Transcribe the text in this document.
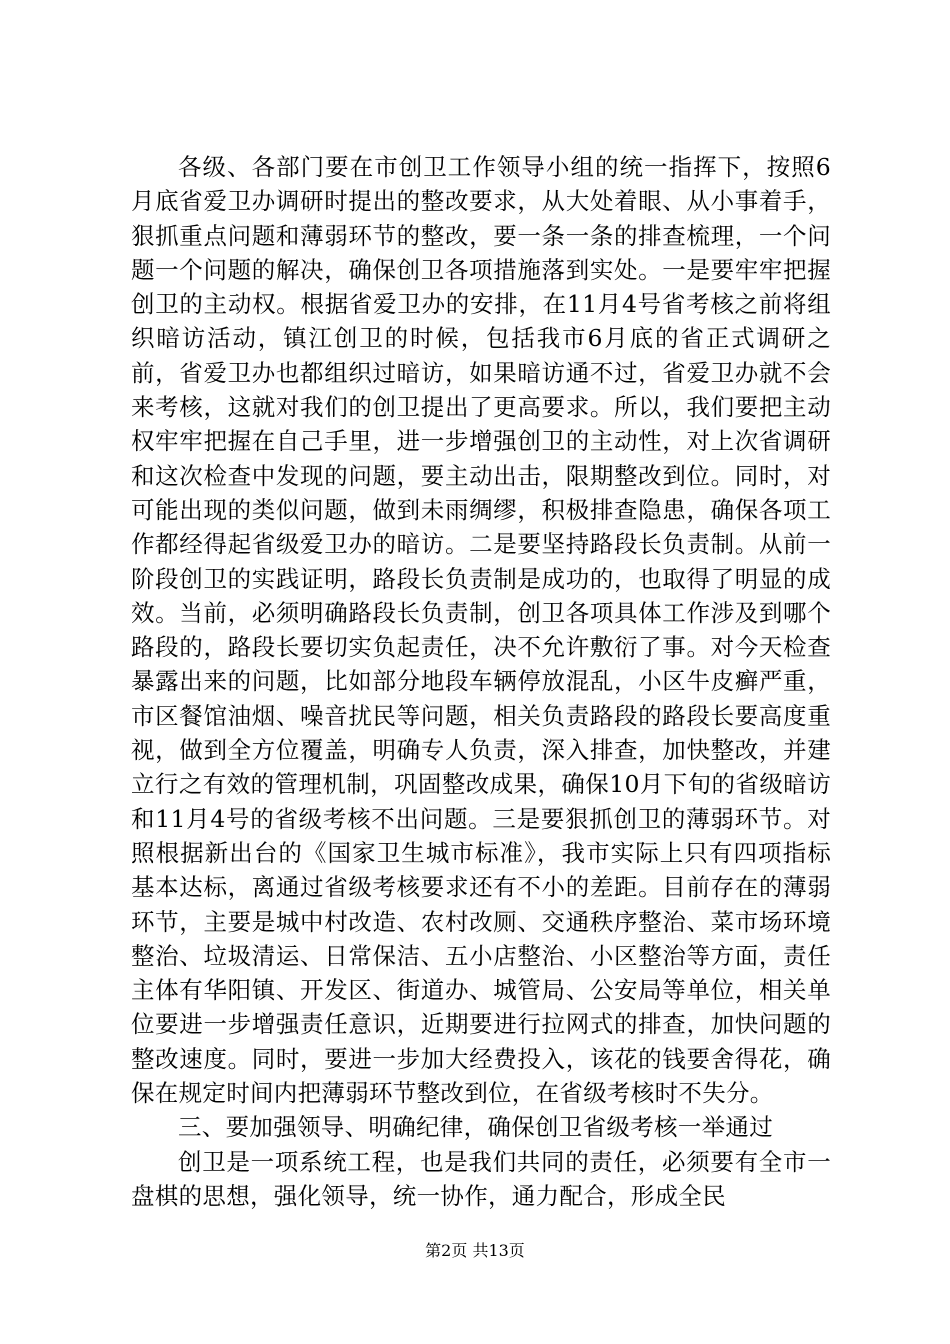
各级、各部门要在市创卫工作领导小组的统一指挥下，按照6月底省爱卫办调研时提出的整改要求，从大处着眼、从小事着手，狠抓重点问题和薄弱环节的整改，要一条一条的排查梳理，一个问题一个问题的解决，确保创卫各项措施落到实处。一是要牢牢把握创卫的主动权。根据省爱卫办的安排，在11月4号省考核之前将组织暗访活动，镇江创卫的时候，包括我市6月底的省正式调研之前，省爱卫办也都组织过暗访，如果暗访通不过，省爱卫办就不会来考核，这就对我们的创卫提出了更高要求。所以，我们要把主动权牢牢把握在自己手里，进一步增强创卫的主动性，对上次省调研和这次检查中发现的问题，要主动出击，限期整改到位。同时，对可能出现的类似问题，做到未雨绸缪，积极排查隐患，确保各项工作都经得起省级爱卫办的暗访。二是要坚持路段长负责制。从前一阶段创卫的实践证明，路段长负责制是成功的，也取得了明显的成效。当前，必须明确路段长负责制，创卫各项具体工作涉及到哪个路段的，路段长要切实负起责任，决不允许敷衍了事。对今天检查暴露出来的问题，比如部分地段车辆停放混乱，小区牛皮癣严重，市区餐馆油烟、噪音扰民等问题，相关负责路段的路段长要高度重视，做到全方位覆盖，明确专人负责，深入排查，加快整改，并建立行之有效的管理机制，巩固整改成果，确保10月下旬的省级暗访和11月4号的省级考核不出问题。三是要狠抓创卫的薄弱环节。对照根据新出台的《国家卫生城市标准》，我市实际上只有四项指标基本达标，离通过省级考核要求还有不小的差距。目前存在的薄弱环节，主要是城中村改造、农村改厕、交通秩序整治、菜市场环境整治、垃圾清运、日常保洁、五小店整治、小区整治等方面，责任主体有华阳镇、开发区、街道办、城管局、公安局等单位，相关单位要进一步增强责任意识，近期要进行拉网式的排查，加快问题的整改速度。同时，要进一步加大经费投入，该花的钱要舍得花，确保在规定时间内把薄弱环节整改到位，在省级考核时不失分。

三、要加强领导、明确纪律，确保创卫省级考核一举通过

创卫是一项系统工程，也是我们共同的责任，必须要有全市一盘棋的思想，强化领导，统一协作，通力配合，形成全民

第2页 共13页
